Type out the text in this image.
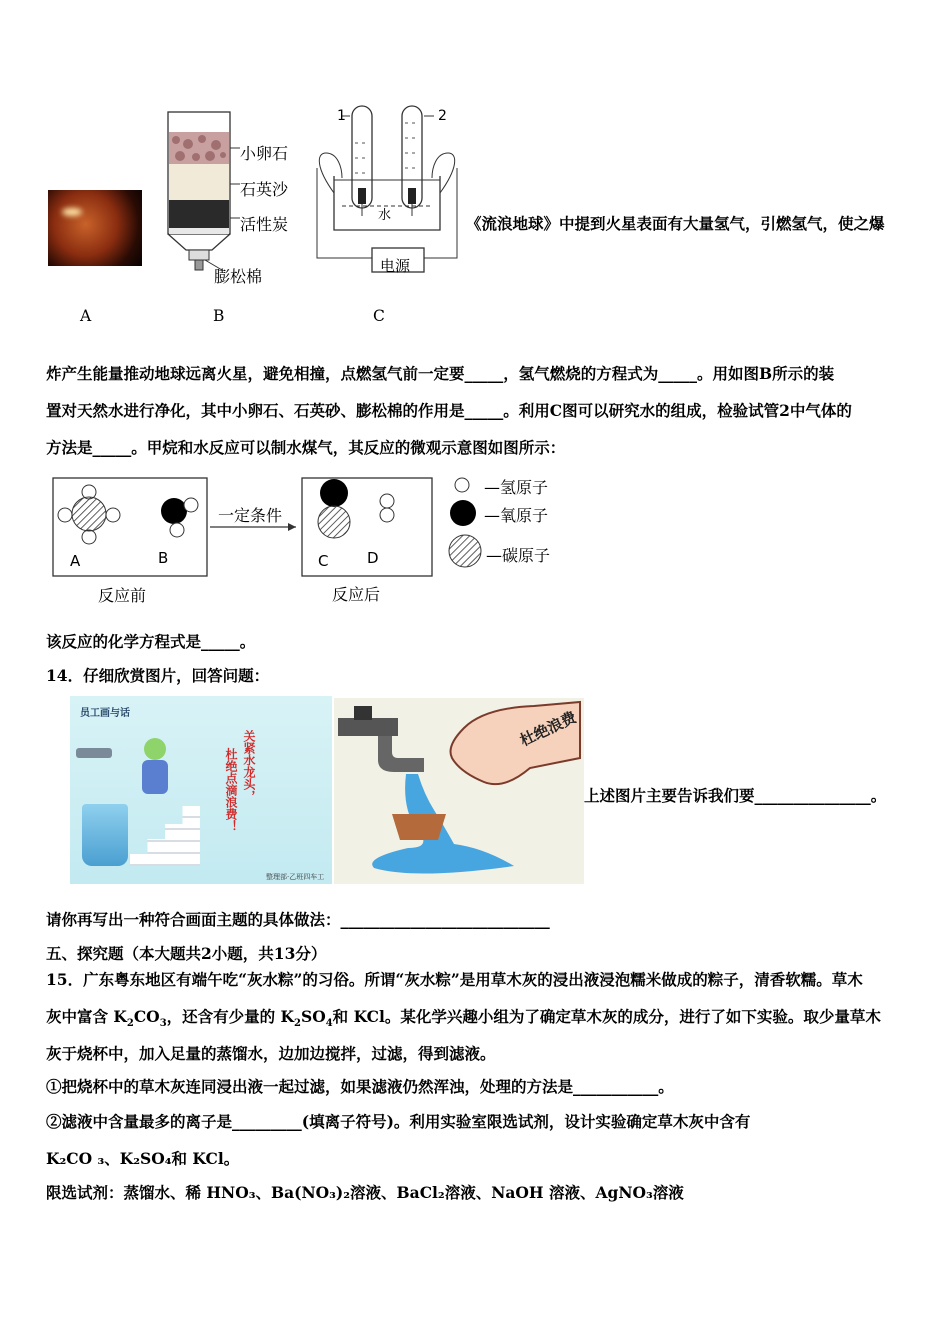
A
小卵石
石英沙
活性炭
膨松棉
B
1	2
水
电源
C
《流浪地球》中提到火星表面有大量氢气，引燃氢气，使之爆
炸产生能量推动地球远离火星，避免相撞，点燃氢气前一定要_____，氢气燃烧的方程式为_____。用如图B所示的装
置对天然水进行净化，其中小卵石、石英砂、膨松棉的作用是_____。利用C图可以研究水的组成，检验试管2中气体的
方法是_____。甲烷和水反应可以制水煤气，其反应的微观示意图如图所示：
A	B	C	D
一定条件
反应前	反应后
—氢原子
—氧原子
—碳原子
该反应的化学方程式是_____。
14．仔细欣赏图片，回答问题：
员工画与话
关紧水龙头，
杜绝点滴浪费！
整理部·乙班四车工
杜绝浪费
上述图片主要告诉我们要_______________。
请你再写出一种符合画面主题的具体做法：___________________________
五、探究题（本大题共2小题，共13分）
15．广东粤东地区有端午吃“灰水粽”的习俗。所谓“灰水粽”是用草木灰的浸出液浸泡糯米做成的粽子，清香软糯。草木
灰中富含 $K_2CO_3$，还含有少量的 $K_2SO_4$和 KCl。某化学兴趣小组为了确定草木灰的成分，进行了如下实验。取少量草木
灰于烧杯中，加入足量的蒸馏水，边加边搅拌，过滤，得到滤液。
①把烧杯中的草木灰连同浸出液一起过滤，如果滤液仍然浑浊，处理的方法是___________。
②滤液中含量最多的离子是_________(填离子符号)。利用实验室限选试剂，设计实验确定草木灰中含有
K₂CO ₃、K₂SO₄和 KCl。
限选试剂：蒸馏水、稀 HNO₃、Ba(NO₃)₂溶液、BaCl₂溶液、NaOH 溶液、AgNO₃溶液
